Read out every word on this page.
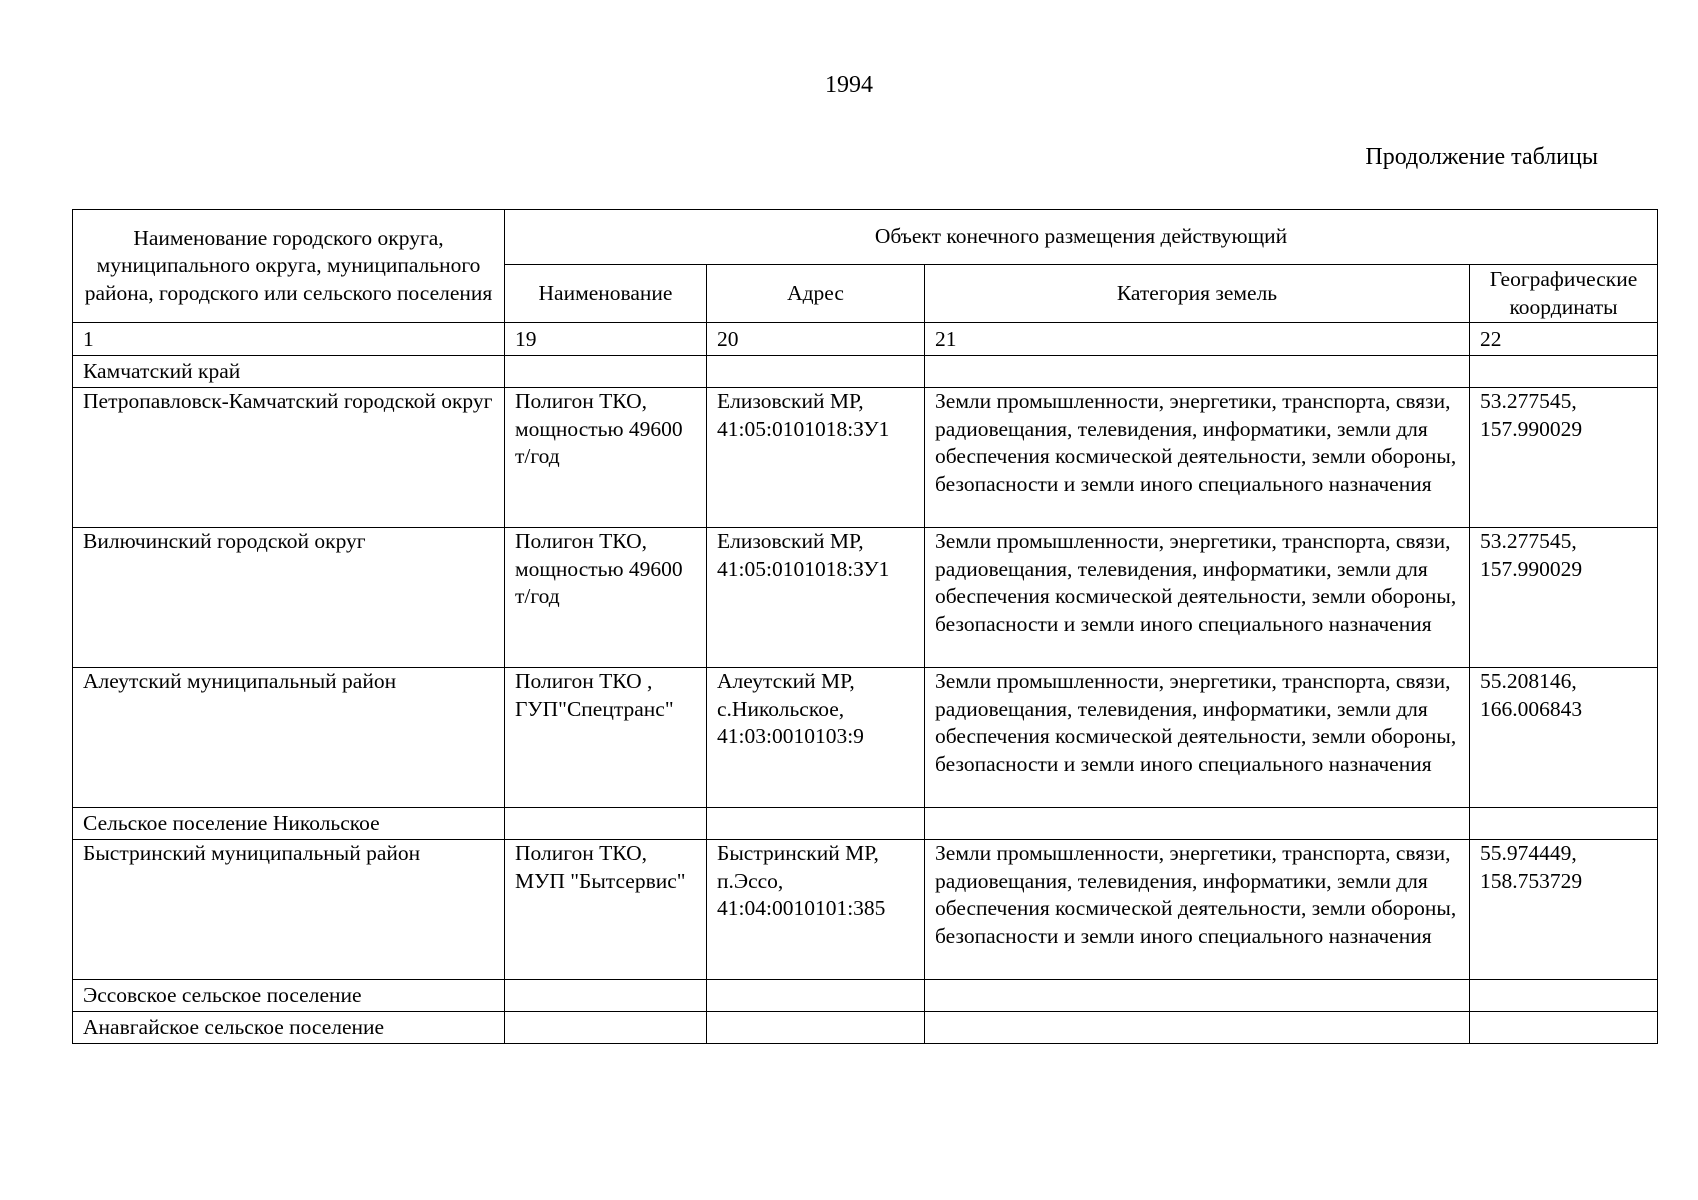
1994
Продолжение таблицы
Наименование городского округа, муниципального округа, муниципального района, городского или сельского поселения	Объект конечного размещения действующий			
	Наименование	Адрес	Категория земель	Географические координаты
1	19	20	21	22
Камчатский край				
Петропавловск-Камчатский городской округ	Полигон ТКО, мощностью 49600 т/год	Елизовский МР, 41:05:0101018:ЗУ1	Земли промышленности, энергетики, транспорта, связи, радиовещания, телевидения, информатики, земли для обеспечения космической деятельности, земли обороны, безопасности и земли иного специального назначения	53.277545, 157.990029
Вилючинский городской округ	Полигон ТКО, мощностью 49600 т/год	Елизовский МР, 41:05:0101018:ЗУ1	Земли промышленности, энергетики, транспорта, связи, радиовещания, телевидения, информатики, земли для обеспечения космической деятельности, земли обороны, безопасности и земли иного специального назначения	53.277545, 157.990029
Алеутский муниципальный район	Полигон ТКО , ГУП"Спецтранс"	Алеутский МР, с.Никольское, 41:03:0010103:9	Земли промышленности, энергетики, транспорта, связи, радиовещания, телевидения, информатики, земли для обеспечения космической деятельности, земли обороны, безопасности и земли иного специального назначения	55.208146, 166.006843
Сельское поселение Никольское				
Быстринский муниципальный район	Полигон ТКО, МУП "Бытсервис"	Быстринский МР, п.Эссо, 41:04:0010101:385	Земли промышленности, энергетики, транспорта, связи, радиовещания, телевидения, информатики, земли для обеспечения космической деятельности, земли обороны, безопасности и земли иного специального назначения	55.974449, 158.753729
Эссовское сельское поселение				
Анавгайское сельское поселение				
